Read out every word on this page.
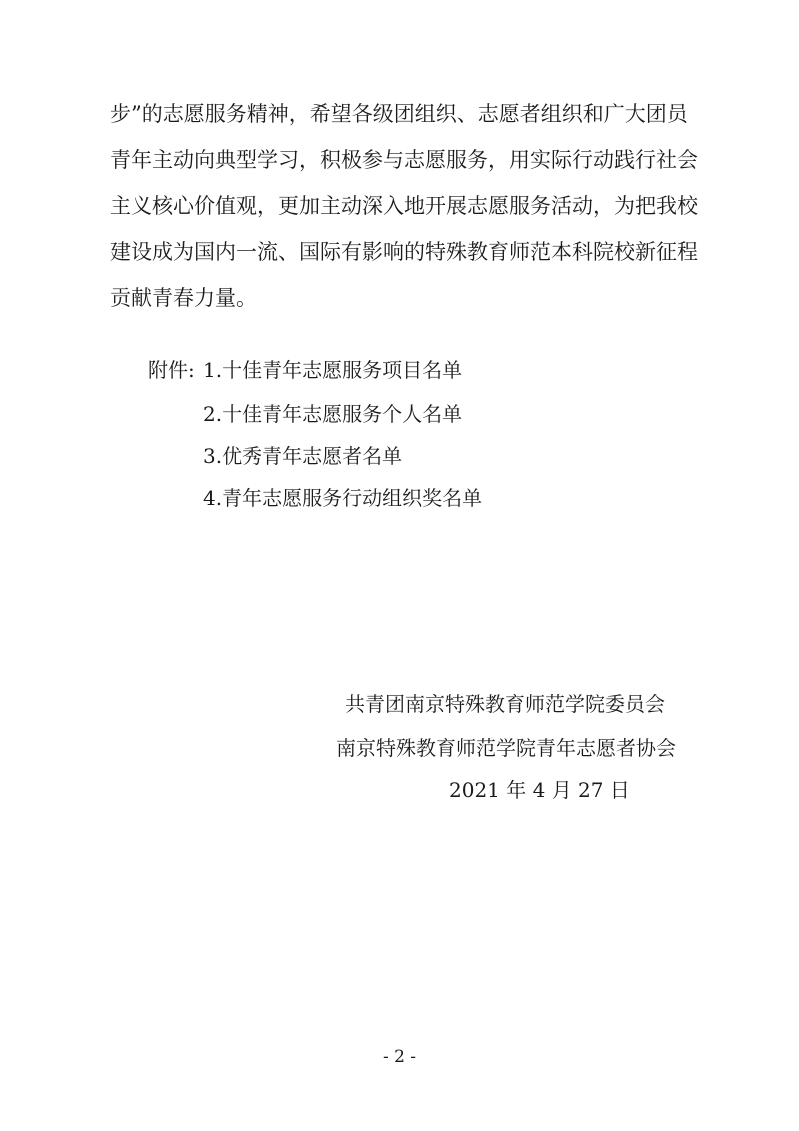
步”的志愿服务精神，希望各级团组织、志愿者组织和广大团员
青年主动向典型学习，积极参与志愿服务，用实际行动践行社会
主义核心价值观，更加主动深入地开展志愿服务活动，为把我校
建设成为国内一流、国际有影响的特殊教育师范本科院校新征程
贡献青春力量。
附件: 1.十佳青年志愿服务项目名单
2.十佳青年志愿服务个人名单
3.优秀青年志愿者名单
4.青年志愿服务行动组织奖名单
共青团南京特殊教育师范学院委员会
南京特殊教育师范学院青年志愿者协会
2021 年 4 月 27 日
- 2 -
